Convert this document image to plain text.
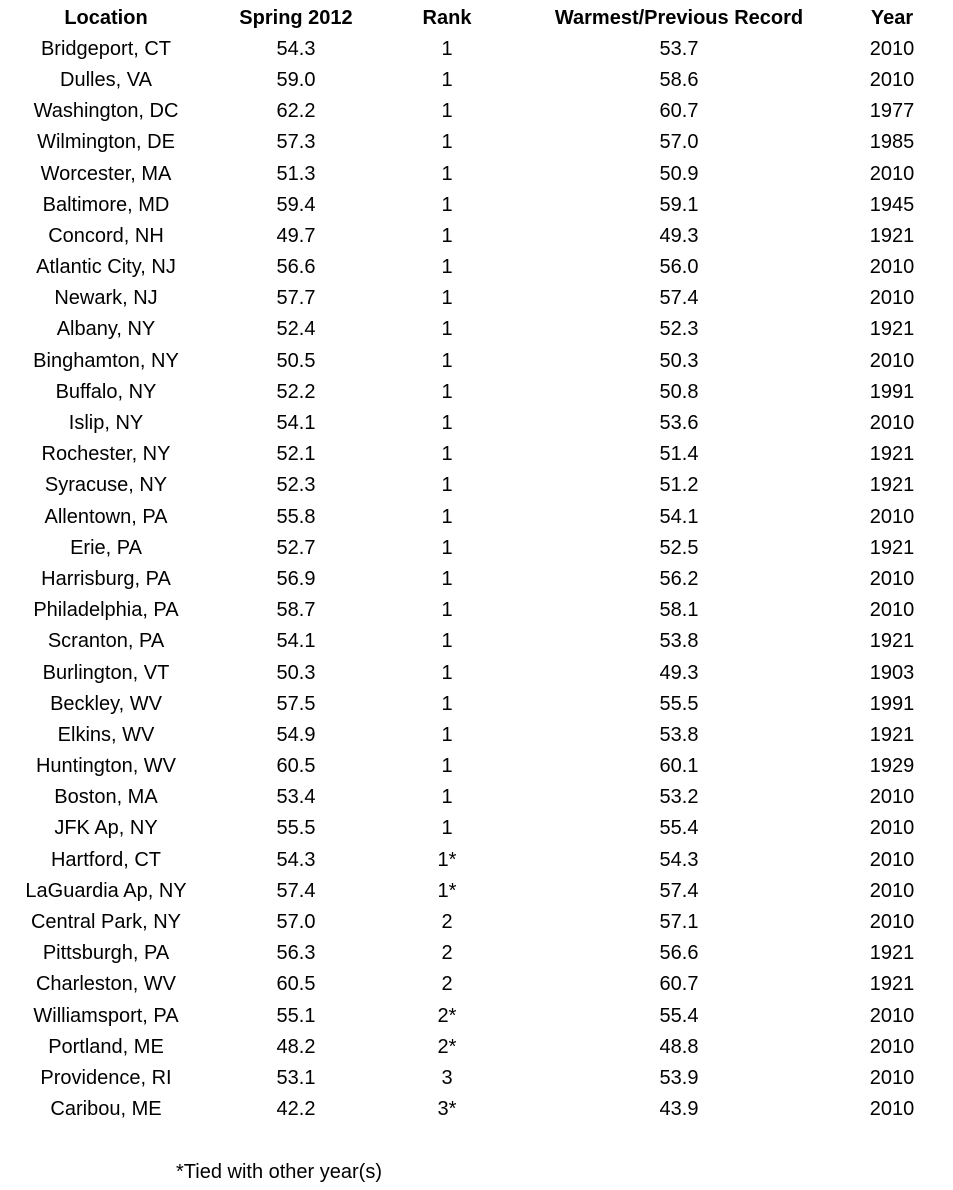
Location	Spring 2012	Rank	Warmest/Previous Record	Year
Bridgeport, CT	54.3	1	53.7	2010
Dulles, VA	59.0	1	58.6	2010
Washington, DC	62.2	1	60.7	1977
Wilmington, DE	57.3	1	57.0	1985
Worcester, MA	51.3	1	50.9	2010
Baltimore, MD	59.4	1	59.1	1945
Concord, NH	49.7	1	49.3	1921
Atlantic City, NJ	56.6	1	56.0	2010
Newark, NJ	57.7	1	57.4	2010
Albany, NY	52.4	1	52.3	1921
Binghamton, NY	50.5	1	50.3	2010
Buffalo, NY	52.2	1	50.8	1991
Islip, NY	54.1	1	53.6	2010
Rochester, NY	52.1	1	51.4	1921
Syracuse, NY	52.3	1	51.2	1921
Allentown, PA	55.8	1	54.1	2010
Erie, PA	52.7	1	52.5	1921
Harrisburg, PA	56.9	1	56.2	2010
Philadelphia, PA	58.7	1	58.1	2010
Scranton, PA	54.1	1	53.8	1921
Burlington, VT	50.3	1	49.3	1903
Beckley, WV	57.5	1	55.5	1991
Elkins, WV	54.9	1	53.8	1921
Huntington, WV	60.5	1	60.1	1929
Boston, MA	53.4	1	53.2	2010
JFK Ap, NY	55.5	1	55.4	2010
Hartford, CT	54.3	1*	54.3	2010
LaGuardia Ap, NY	57.4	1*	57.4	2010
Central Park, NY	57.0	2	57.1	2010
Pittsburgh, PA	56.3	2	56.6	1921
Charleston, WV	60.5	2	60.7	1921
Williamsport, PA	55.1	2*	55.4	2010
Portland, ME	48.2	2*	48.8	2010
Providence, RI	53.1	3	53.9	2010
Caribou, ME	42.2	3*	43.9	2010
*Tied with other year(s)
